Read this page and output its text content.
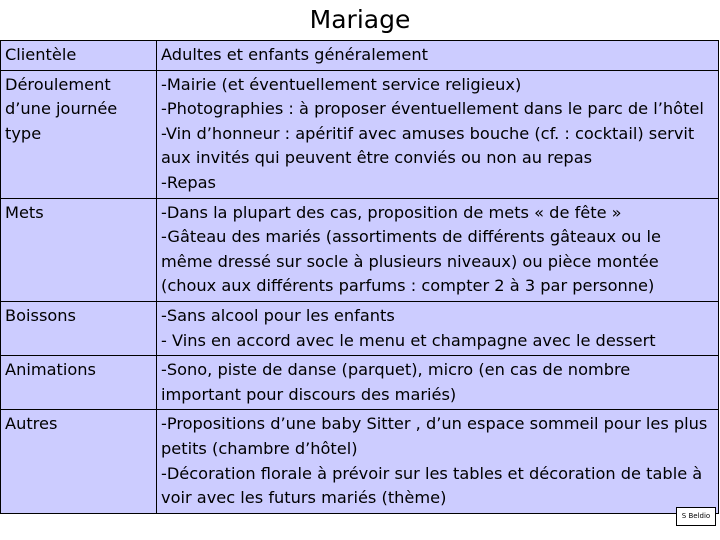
Mariage
Clientèle	Adultes et enfants généralement

Déroulement d’une journée type	-Mairie (et éventuellement service religieux)
-Photographies : à proposer éventuellement dans le parc de l’hôtel
-Vin d’honneur : apéritif avec amuses bouche (cf. : cocktail) servit aux invités qui peuvent être conviés ou non au repas
-Repas

Mets	-Dans la plupart des cas, proposition de mets « de fête »
-Gâteau des mariés (assortiments de différents gâteaux ou le même dressé sur socle à plusieurs niveaux) ou pièce montée (choux aux différents parfums : compter 2 à 3 par personne)

Boissons	-Sans alcool pour les enfants
- Vins en accord avec le menu et champagne avec le dessert

Animations	-Sono, piste de danse (parquet), micro (en cas de nombre important pour discours des mariés)

Autres	-Propositions d’une baby Sitter , d’un espace sommeil pour les plus petits (chambre d’hôtel)
-Décoration florale à prévoir sur les tables et décoration de table à voir avec les futurs mariés (thème)
S Beldio
